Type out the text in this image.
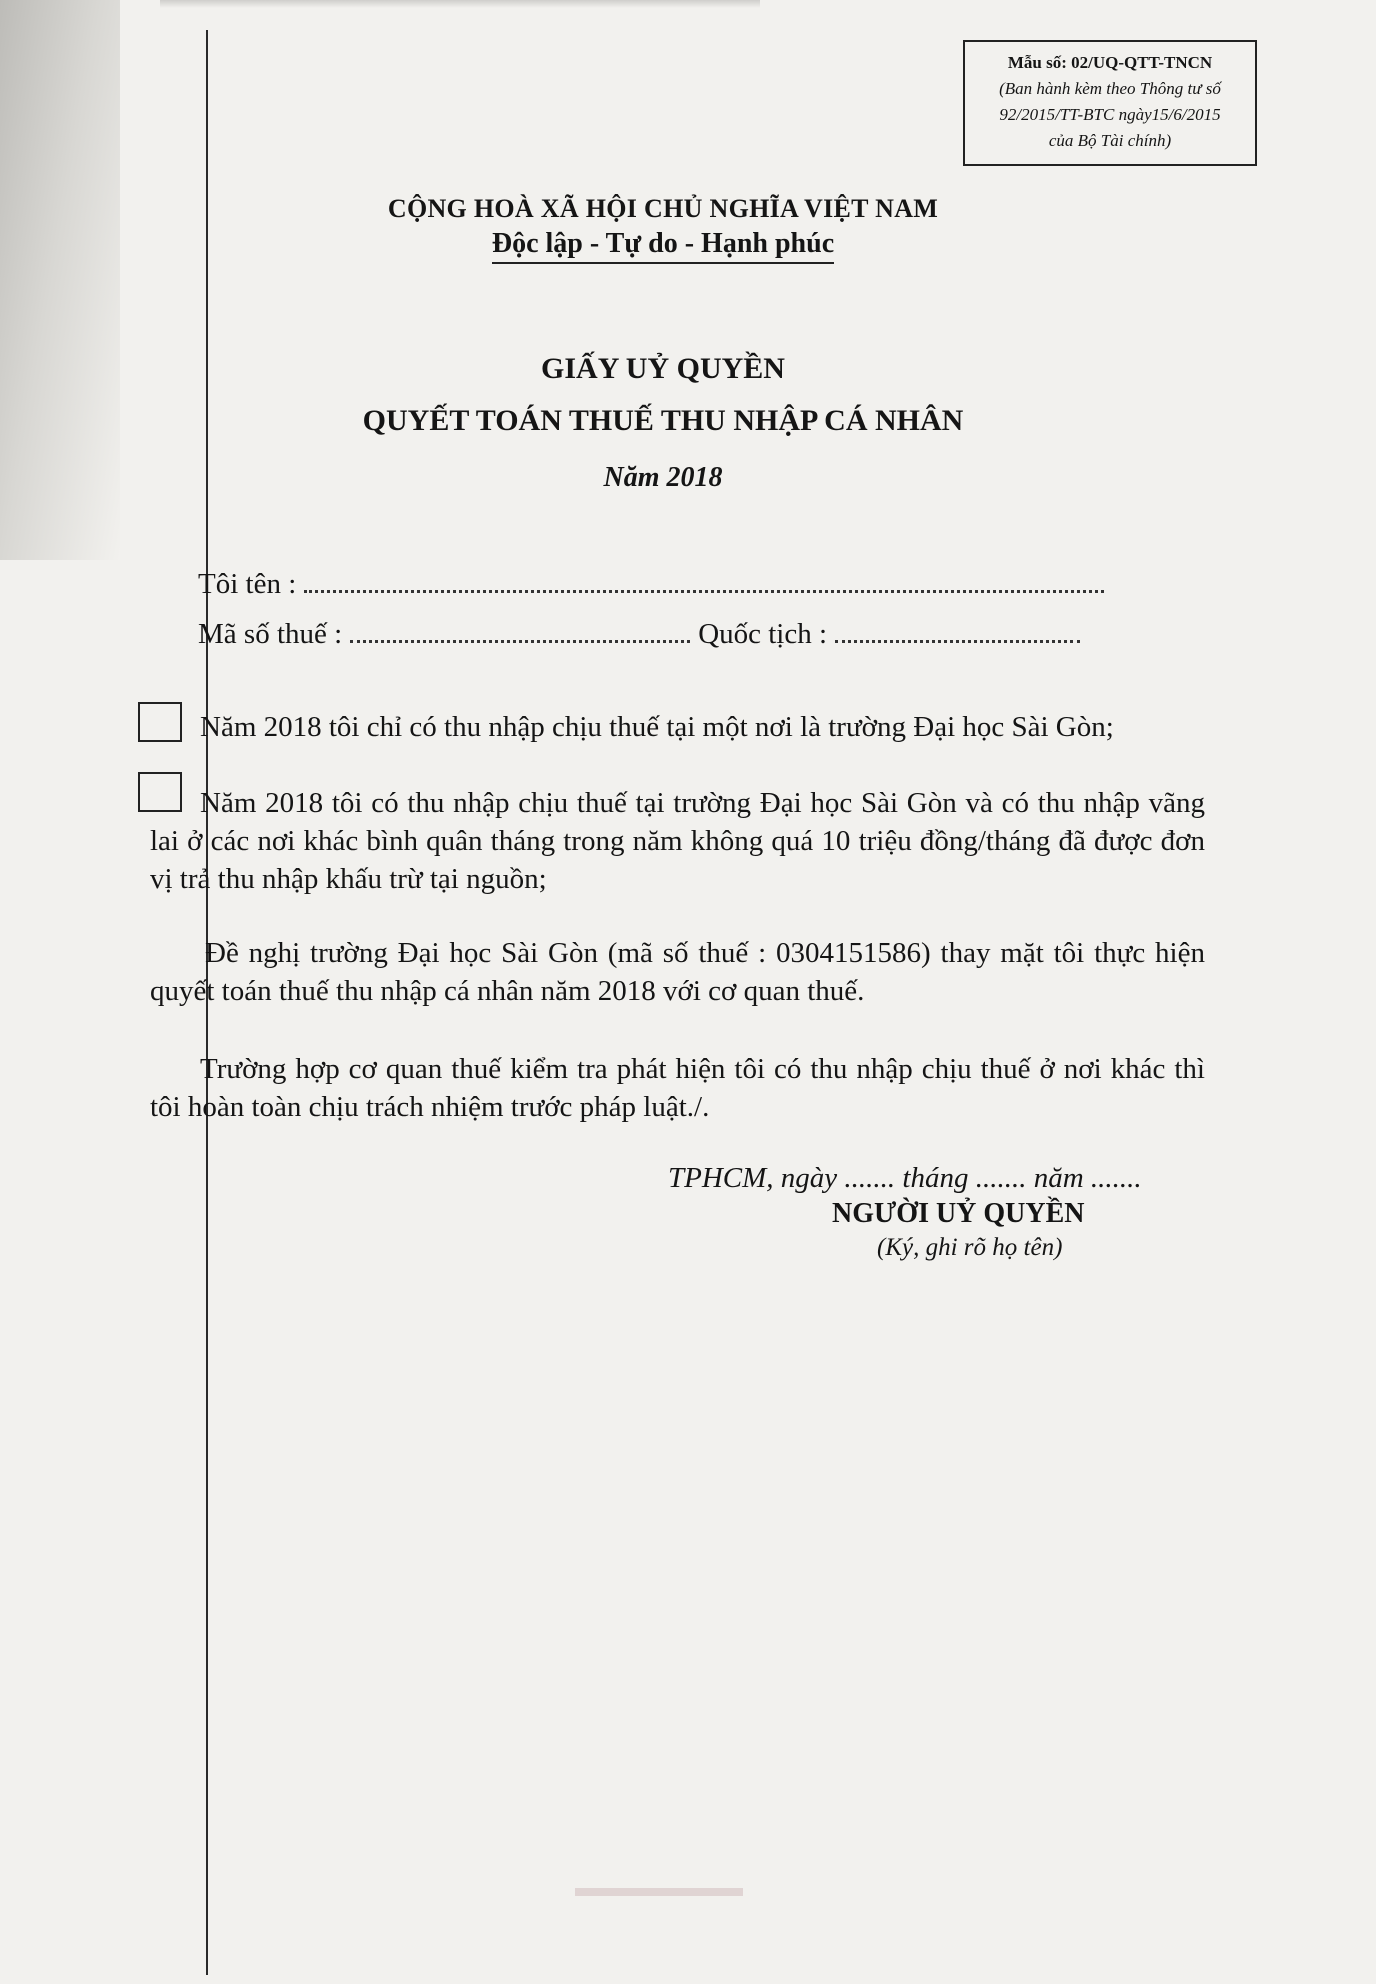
Mẫu số: 02/UQ-QTT-TNCN
(Ban hành kèm theo Thông tư số
92/2015/TT-BTC ngày15/6/2015
của Bộ Tài chính)
CỘNG HOÀ XÃ HỘI CHỦ NGHĨA VIỆT NAM
Độc lập - Tự do - Hạnh phúc
GIẤY UỶ QUYỀN
QUYẾT TOÁN THUẾ THU NHẬP CÁ NHÂN
Năm 2018
Tôi tên :
Mã số thuế :	Quốc tịch :
Năm 2018 tôi chỉ có thu nhập chịu thuế tại một nơi là trường Đại học Sài Gòn;
Năm 2018 tôi có thu nhập chịu thuế tại trường Đại học Sài Gòn và có thu nhập vãng lai ở các nơi khác bình quân tháng trong năm không quá 10 triệu đồng/tháng đã được đơn vị trả thu nhập khấu trừ tại nguồn;
Đề nghị trường Đại học Sài Gòn (mã số thuế : 0304151586) thay mặt tôi thực hiện quyết toán thuế thu nhập cá nhân năm 2018 với cơ quan thuế.
Trường hợp cơ quan thuế kiểm tra phát hiện tôi có thu nhập chịu thuế ở nơi khác thì tôi hoàn toàn chịu trách nhiệm trước pháp luật./.
TPHCM, ngày ....... tháng ....... năm .......
NGƯỜI UỶ QUYỀN
(Ký, ghi rõ họ tên)
